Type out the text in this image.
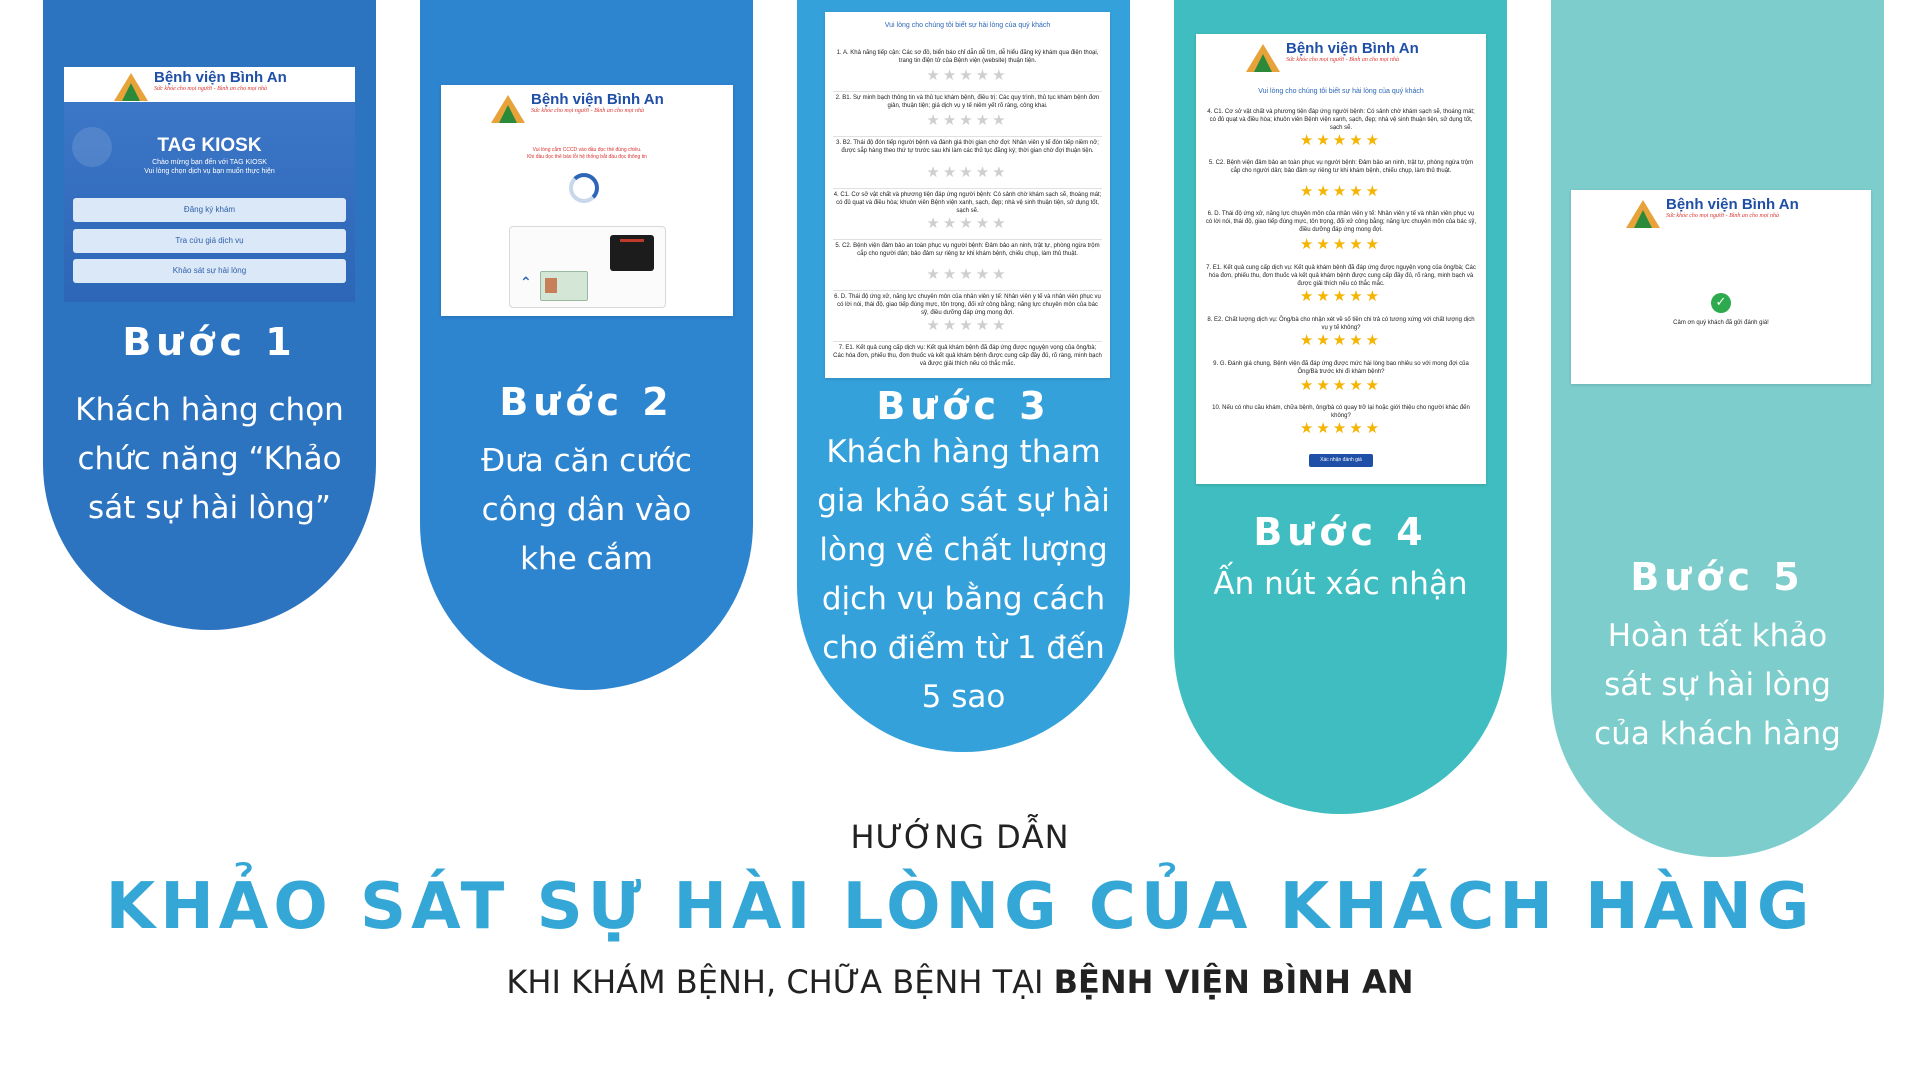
Bệnh viện Bình An
Sức khỏe cho mọi người - Bình an cho mọi nhà
TAG KIOSK
Chào mừng bạn đến với TAG KIOSK
Vui lòng chọn dịch vụ bạn muốn thực hiện
Đăng ký khám
Tra cứu giá dịch vụ
Khảo sát sự hài lòng
Bước 1
Khách hàng chọn
chức năng “Khảo
sát sự hài lòng”
Bệnh viện Bình An
Sức khỏe cho mọi người - Bình an cho mọi nhà
Vui lòng cắm CCCD vào đầu đọc thẻ đúng chiều.
Khi đầu đọc thẻ báo lỗi hệ thống bắt đầu đọc thông tin
⌃
Bước 2
Đưa căn cước
công dân vào
khe cắm
Vui lòng cho chúng tôi biết sự hài lòng của quý khách
1. A. Khả năng tiếp cận: Các sơ đồ, biển báo chỉ dẫn dễ tìm, dễ hiểu đăng ký khám qua điện thoại, trang tin điện tử của Bệnh viện (website) thuận tiện.
★★★★★
2. B1. Sự minh bạch thông tin và thủ tục khám bệnh, điều trị: Các quy trình, thủ tục khám bệnh đơn giản, thuận tiện; giá dịch vụ y tế niêm yết rõ ràng, công khai.
★★★★★
3. B2. Thái độ đón tiếp người bệnh và đánh giá thời gian chờ đợi: Nhân viên y tế đón tiếp niềm nở; được sắp hàng theo thứ tự trước sau khi làm các thủ tục đăng ký; thời gian chờ đợi thuận tiện.
★★★★★
4. C1. Cơ sở vật chất và phương tiện đáp ứng người bệnh: Có sảnh chờ khám sạch sẽ, thoáng mát; có đủ quạt và điều hòa; khuôn viên Bệnh viện xanh, sạch, đẹp; nhà vệ sinh thuận tiện, sử dụng tốt, sạch sẽ.
★★★★★
5. C2. Bệnh viện đảm bảo an toàn phục vụ người bệnh: Đảm bảo an ninh, trật tự, phòng ngừa trộm cắp cho người dân; bảo đảm sự riêng tư khi khám bệnh, chiếu chụp, làm thủ thuật.
★★★★★
6. D. Thái độ ứng xử, năng lực chuyên môn của nhân viên y tế: Nhân viên y tế và nhân viên phục vụ có lời nói, thái độ, giao tiếp đúng mực, tôn trọng, đối xử công bằng; năng lực chuyên môn của bác sỹ, điều dưỡng đáp ứng mong đợi.
★★★★★
7. E1. Kết quả cung cấp dịch vụ: Kết quả khám bệnh đã đáp ứng được nguyện vọng của ông/bà; Các hóa đơn, phiếu thu, đơn thuốc và kết quả khám bệnh được cung cấp đầy đủ, rõ ràng, minh bạch và được giải thích nếu có thắc mắc.
Bước 3
Khách hàng tham
gia khảo sát sự hài
lòng về chất lượng
dịch vụ bằng cách
cho điểm từ 1 đến
5 sao
Bệnh viện Bình An
Sức khỏe cho mọi người - Bình an cho mọi nhà
Vui lòng cho chúng tôi biết sự hài lòng của quý khách
4. C1. Cơ sở vật chất và phương tiện đáp ứng người bệnh: Có sảnh chờ khám sạch sẽ, thoáng mát; có đủ quạt và điều hòa; khuôn viên Bệnh viện xanh, sạch, đẹp; nhà vệ sinh thuận tiện, sử dụng tốt, sạch sẽ.
★★★★★
5. C2. Bệnh viện đảm bảo an toàn phục vụ người bệnh: Đảm bảo an ninh, trật tự, phòng ngừa trộm cắp cho người dân; bảo đảm sự riêng tư khi khám bệnh, chiếu chụp, làm thủ thuật.
★★★★★
6. D. Thái độ ứng xử, năng lực chuyên môn của nhân viên y tế: Nhân viên y tế và nhân viên phục vụ có lời nói, thái độ, giao tiếp đúng mực, tôn trọng, đối xử công bằng; năng lực chuyên môn của bác sỹ, điều dưỡng đáp ứng mong đợi.
★★★★★
7. E1. Kết quả cung cấp dịch vụ: Kết quả khám bệnh đã đáp ứng được nguyện vọng của ông/bà; Các hóa đơn, phiếu thu, đơn thuốc và kết quả khám bệnh được cung cấp đầy đủ, rõ ràng, minh bạch và được giải thích nếu có thắc mắc.
★★★★★
8. E2. Chất lượng dịch vụ: Ông/bà cho nhận xét về số tiền chi trả có tương xứng với chất lượng dịch vụ y tế không?
★★★★★
9. G. Đánh giá chung, Bệnh viện đã đáp ứng được mức hài lòng bao nhiêu so với mong đợi của Ông/Bà trước khi đi khám bệnh?
★★★★★
10. Nếu có nhu cầu khám, chữa bệnh, ông/bà có quay trở lại hoặc giới thiệu cho người khác đến không?
★★★★★
Xác nhận đánh giá
Bước 4
Ấn nút xác nhận
Bệnh viện Bình An
Sức khỏe cho mọi người - Bình an cho mọi nhà
✓
Cảm ơn quý khách đã gửi đánh giá!
Bước 5
Hoàn tất khảo
sát sự hài lòng
của khách hàng
HƯỚNG DẪN
KHẢO SÁT SỰ HÀI LÒNG CỦA KHÁCH HÀNG
KHI KHÁM BỆNH, CHỮA BỆNH TẠI BỆNH VIỆN BÌNH AN
